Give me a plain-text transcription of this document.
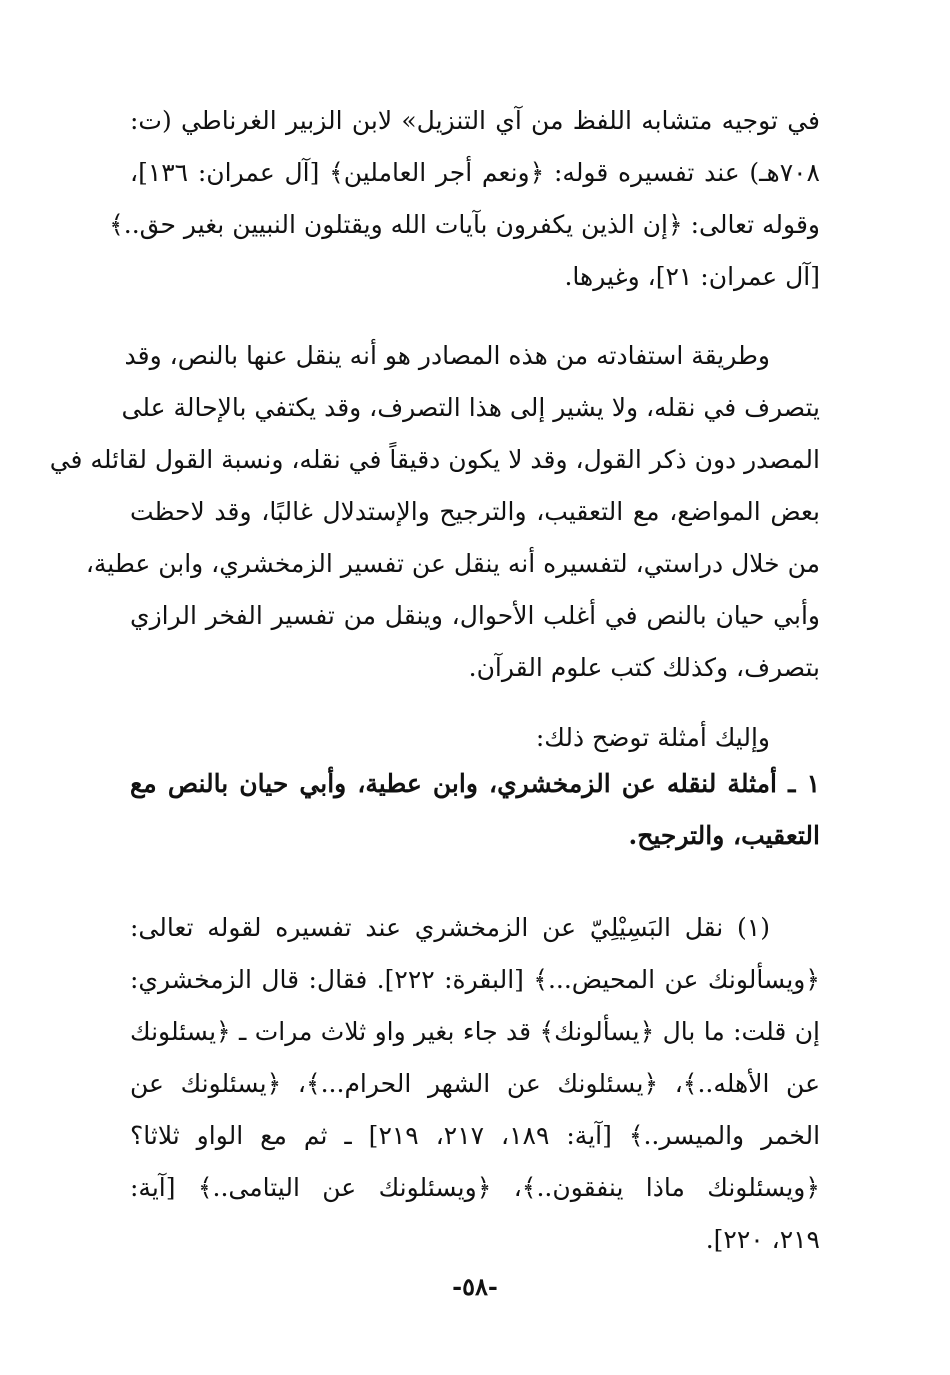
في توجيه متشابه اللفظ من آي التنزيل» لابن الزبير الغرناطي (ت:
٧٠٨هـ) عند تفسيره قوله: ﴿ونعم أجر العاملين﴾ [آل عمران: ١٣٦]،
وقوله تعالى: ﴿إن الذين يكفرون بآيات الله ويقتلون النبيين بغير حق..﴾
[آل عمران: ٢١]، وغيرها.
وطريقة استفادته من هذه المصادر هو أنه ينقل عنها بالنص، وقد
يتصرف في نقله، ولا يشير إلى هذا التصرف، وقد يكتفي بالإحالة على
المصدر دون ذكر القول، وقد لا يكون دقيقاً في نقله، ونسبة القول لقائله في
بعض المواضع، مع التعقيب، والترجيح والإستدلال غالبًا، وقد لاحظت
من خلال دراستي، لتفسيره أنه ينقل عن تفسير الزمخشري، وابن عطية،
وأبي حيان بالنص في أغلب الأحوال، وينقل من تفسير الفخر الرازي
بتصرف، وكذلك كتب علوم القرآن.
وإليك أمثلة توضح ذلك:
١ ـ أمثلة لنقله عن الزمخشري، وابن عطية، وأبي حيان بالنص مع
التعقيب، والترجيح.
(١) نقل البَسِيْلِيّ عن الزمخشري عند تفسيره لقوله تعالى:
﴿ويسألونك عن المحيض...﴾ [البقرة: ٢٢٢]. فقال: قال الزمخشري:
إن قلت: ما بال ﴿يسألونك﴾ قد جاء بغير واو ثلاث مرات ـ ﴿يسئلونك
عن الأهله..﴾، ﴿يسئلونك عن الشهر الحرام...﴾، ﴿يسئلونك عن
الخمر والميسر..﴾ [آية: ١٨٩، ٢١٧، ٢١٩] ـ ثم مع الواو ثلاثا؟
﴿ويسئلونك ماذا ينفقون..﴾، ﴿ويسئلونك عن اليتامى..﴾ [آية:
٢١٩، ٢٢٠].
-٥٨-
